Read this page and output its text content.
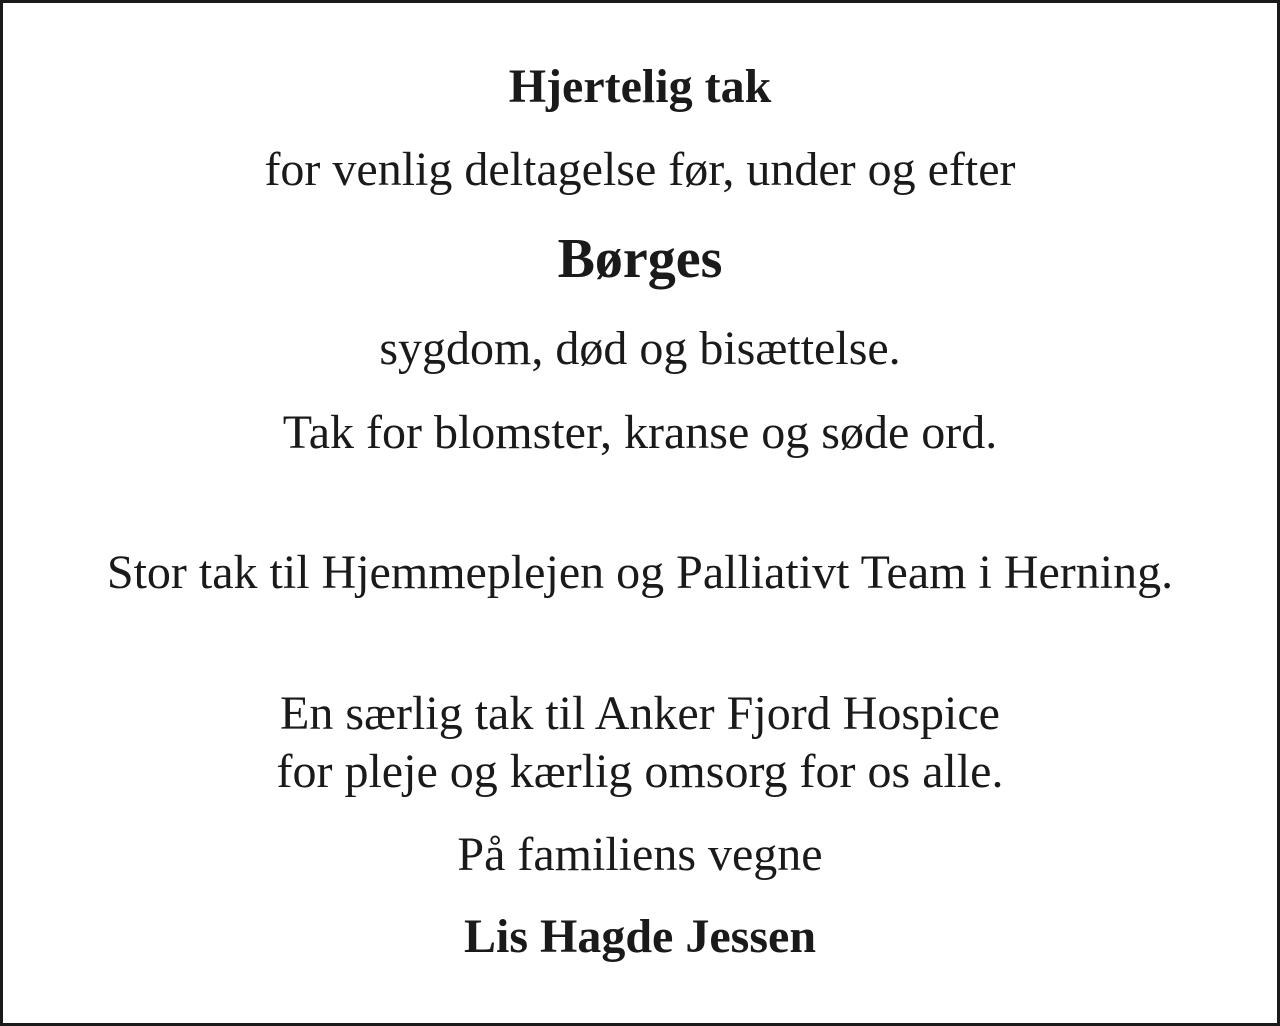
Hjertelig tak
for venlig deltagelse før, under og efter
Børges
sygdom, død og bisættelse.
Tak for blomster, kranse og søde ord.
Stor tak til Hjemmeplejen og Palliativt Team i Herning.
En særlig tak til Anker Fjord Hospice
for pleje og kærlig omsorg for os alle.
På familiens vegne
Lis Hagde Jessen
